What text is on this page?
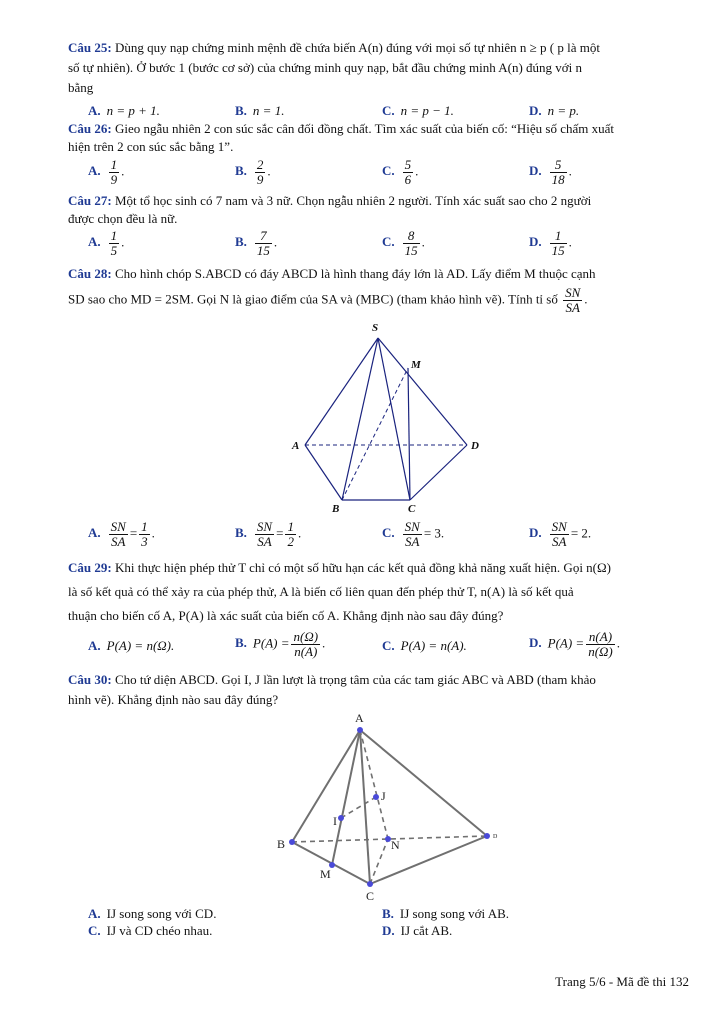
Câu 25: Dùng quy nạp chứng minh mệnh đề chứa biến A(n) đúng với mọi số tự nhiên n ≥ p ( p là một
số tự nhiên). Ở bước 1 (bước cơ sở) của chứng minh quy nạp, bắt đầu chứng minh A(n) đúng với n
bằng
A. n = p + 1.	B. n = 1.	C. n = p − 1.	D. n = p.
Câu 26: Gieo ngẫu nhiên 2 con súc sắc cân đối đồng chất. Tìm xác suất của biến cố: “Hiệu số chấm xuất
hiện trên 2 con súc sắc bằng 1”.
A. $\frac{1}{9}$ .	B. $\frac{2}{9}$ .	C. $\frac{5}{6}$ .	D. $\frac{5}{18}$ .
Câu 27: Một tổ học sinh có 7 nam và 3 nữ. Chọn ngẫu nhiên 2 người. Tính xác suất sao cho 2 người
được chọn đều là nữ.
A. $\frac{1}{5}$ .	B. $\frac{7}{15}$ .	C. $\frac{8}{15}$ .	D. $\frac{1}{15}$ .
Câu 28: Cho hình chóp S.ABCD có đáy ABCD là hình thang đáy lớn là AD. Lấy điểm M thuộc cạnh
SD sao cho MD = 2SM. Gọi N là giao điểm của SA và (MBC) (tham khảo hình vẽ). Tính tỉ số $\frac{SN}{SA}$ .
S
M
A	D
B	C
A. $\frac{SN}{SA} = \frac{1}{3}$ .	B. $\frac{SN}{SA} = \frac{1}{2}$ .	C. $\frac{SN}{SA} = 3$.	D. $\frac{SN}{SA} = 2$.
Câu 29: Khi thực hiện phép thử T chỉ có một số hữu hạn các kết quả đồng khả năng xuất hiện. Gọi n(Ω)
là số kết quả có thể xảy ra của phép thử, A là biến cố liên quan đến phép thử T, n(A) là số kết quả
thuận cho biến cố A, P(A) là xác suất của biến cố A. Khẳng định nào sau đây đúng?
A. P(A) = n(Ω).	B. $P(A) = \frac{n(\Omega)}{n(A)}$ .	C. P(A) = n(A).	D. $P(A) = \frac{n(A)}{n(\Omega)}$ .
Câu 30: Cho tứ diện ABCD. Gọi I, J lần lượt là trọng tâm của các tam giác ABC và ABD (tham khảo
hình vẽ). Khẳng định nào sau đây đúng?
A
J
I
B	N
D
M
C
A. IJ song song với CD.	B. IJ song song với AB.
C. IJ và CD chéo nhau.	D. IJ cắt AB.
Trang 5/6 - Mã đề thi 132
